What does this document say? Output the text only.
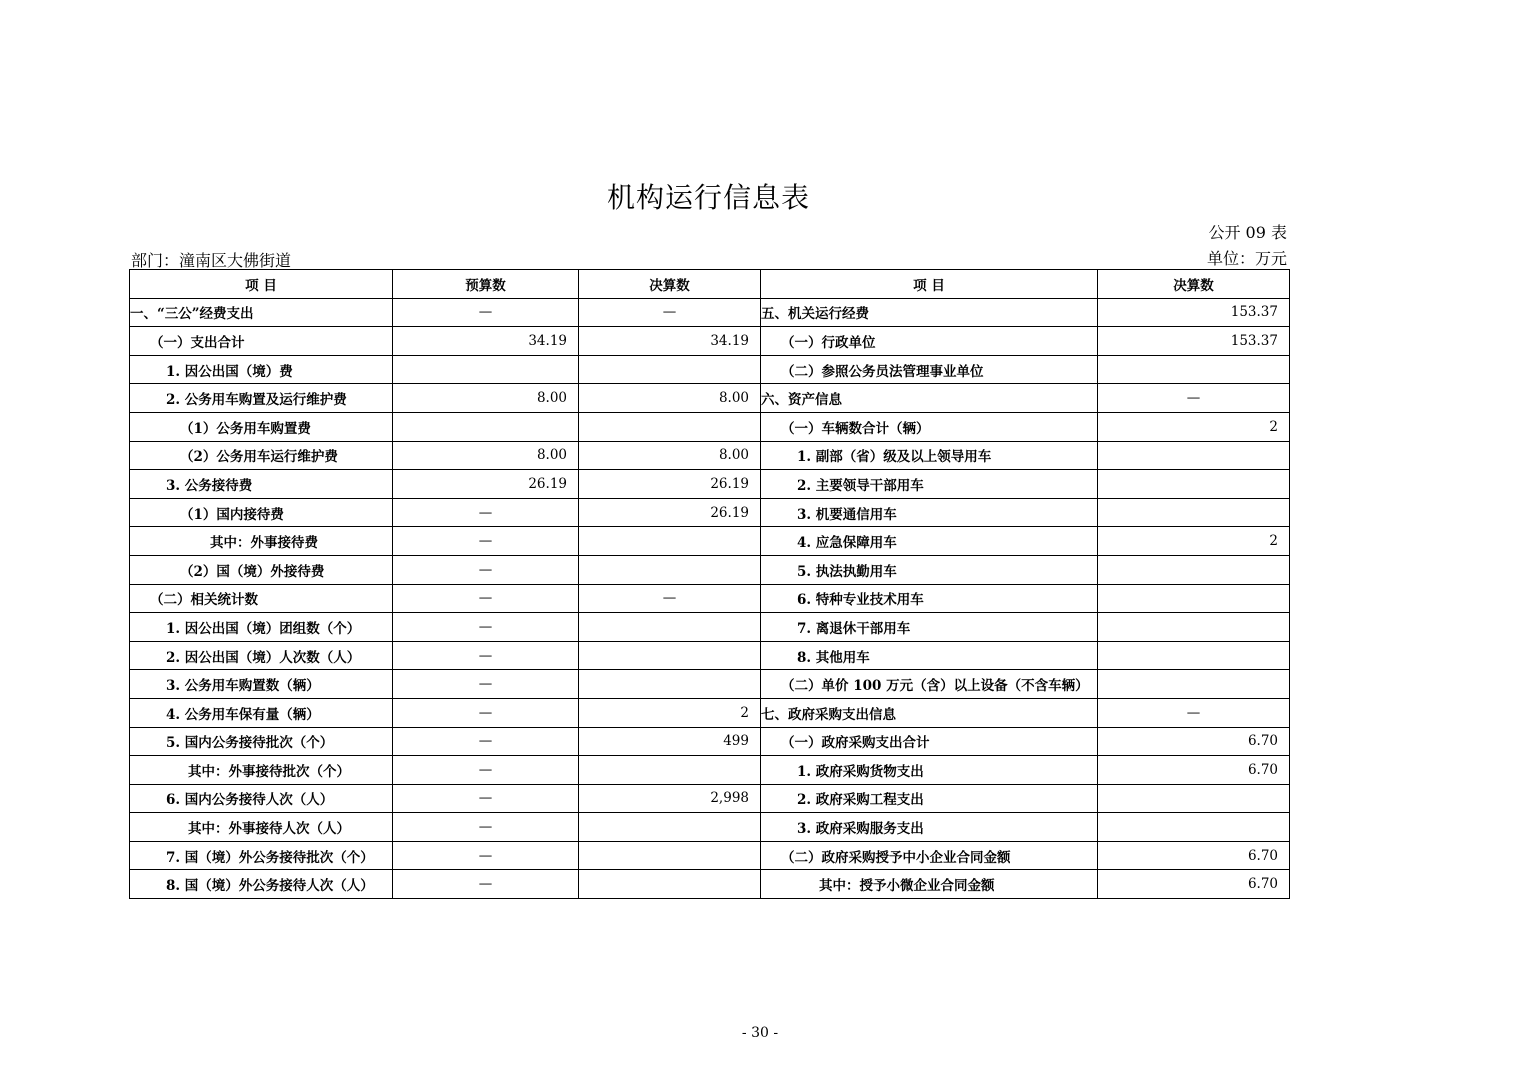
机构运行信息表
公开 09 表
部门：潼南区大佛街道	单位：万元
项 目	预算数	决算数	项 目	决算数
一、“三公”经费支出	—	—	五、机关运行经费	153.37
（一）支出合计	34.19	34.19	（一）行政单位	153.37
1. 因公出国（境）费			（二）参照公务员法管理事业单位	
2. 公务用车购置及运行维护费	8.00	8.00	六、资产信息	—
（1）公务用车购置费			（一）车辆数合计（辆）	2
（2）公务用车运行维护费	8.00	8.00	1. 副部（省）级及以上领导用车	
3. 公务接待费	26.19	26.19	2. 主要领导干部用车	
（1）国内接待费	—	26.19	3. 机要通信用车	
其中：外事接待费	—		4. 应急保障用车	2
（2）国（境）外接待费	—		5. 执法执勤用车	
（二）相关统计数	—	—	6. 特种专业技术用车	
1. 因公出国（境）团组数（个）	—		7. 离退休干部用车	
2. 因公出国（境）人次数（人）	—		8. 其他用车	
3. 公务用车购置数（辆）	—		（二）单价 100 万元（含）以上设备（不含车辆）	
4. 公务用车保有量（辆）	—	2	七、政府采购支出信息	—
5. 国内公务接待批次（个）	—	499	（一）政府采购支出合计	6.70
其中：外事接待批次（个）	—		1. 政府采购货物支出	6.70
6. 国内公务接待人次（人）	—	2,998	2. 政府采购工程支出	
其中：外事接待人次（人）	—		3. 政府采购服务支出	
7. 国（境）外公务接待批次（个）	—		（二）政府采购授予中小企业合同金额	6.70
8. 国（境）外公务接待人次（人）	—		其中：授予小微企业合同金额	6.70
- 30 -
